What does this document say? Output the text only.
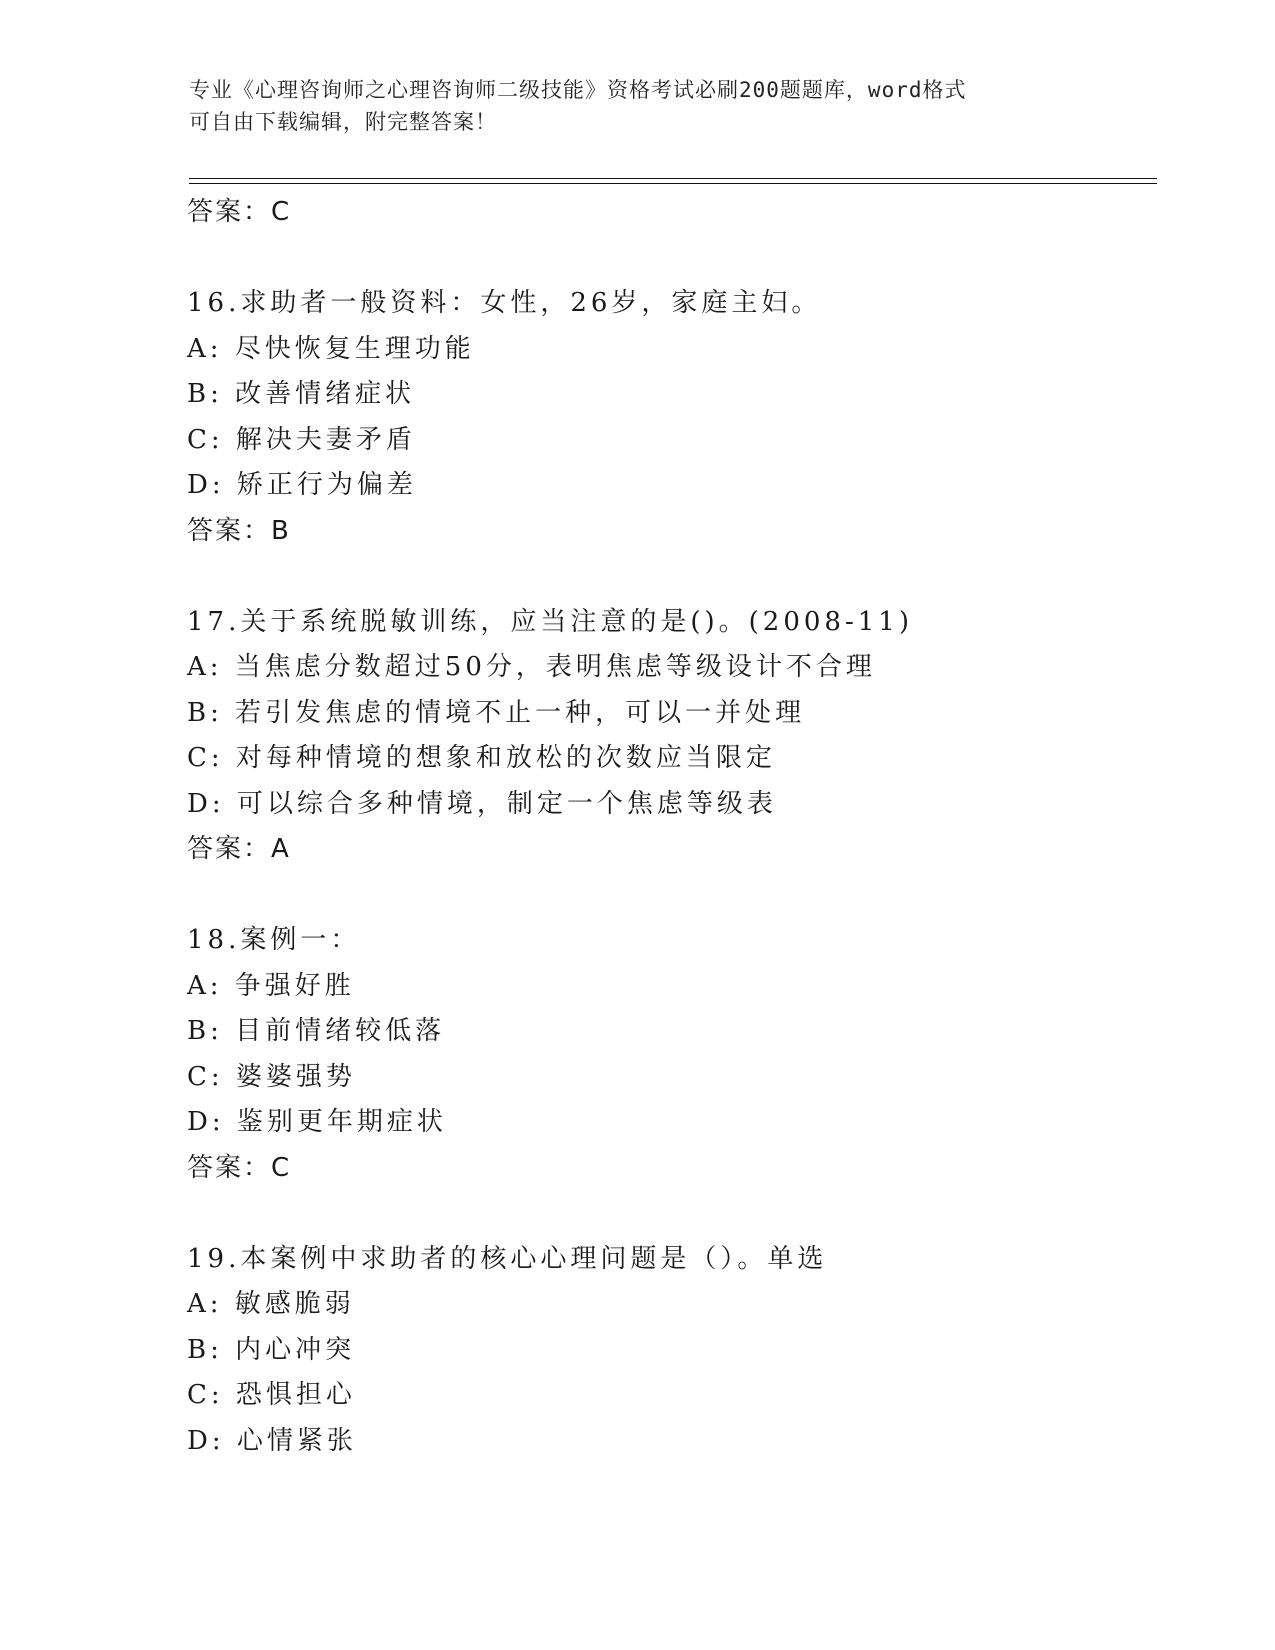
专业《心理咨询师之心理咨询师二级技能》资格考试必刷200题题库，word格式
可自由下载编辑，附完整答案！
答案：C
16.求助者一般资料：女性，26岁，家庭主妇。
A: 尽快恢复生理功能
B: 改善情绪症状
C: 解决夫妻矛盾
D: 矫正行为偏差
答案：B
17.关于系统脱敏训练，应当注意的是()。(2008-11)
A: 当焦虑分数超过50分，表明焦虑等级设计不合理
B: 若引发焦虑的情境不止一种，可以一并处理
C: 对每种情境的想象和放松的次数应当限定
D: 可以综合多种情境，制定一个焦虑等级表
答案：A
18.案例一：
A: 争强好胜
B: 目前情绪较低落
C: 婆婆强势
D: 鉴别更年期症状
答案：C
19.本案例中求助者的核心心理问题是（）。单选
A: 敏感脆弱
B: 内心冲突
C: 恐惧担心
D: 心情紧张
